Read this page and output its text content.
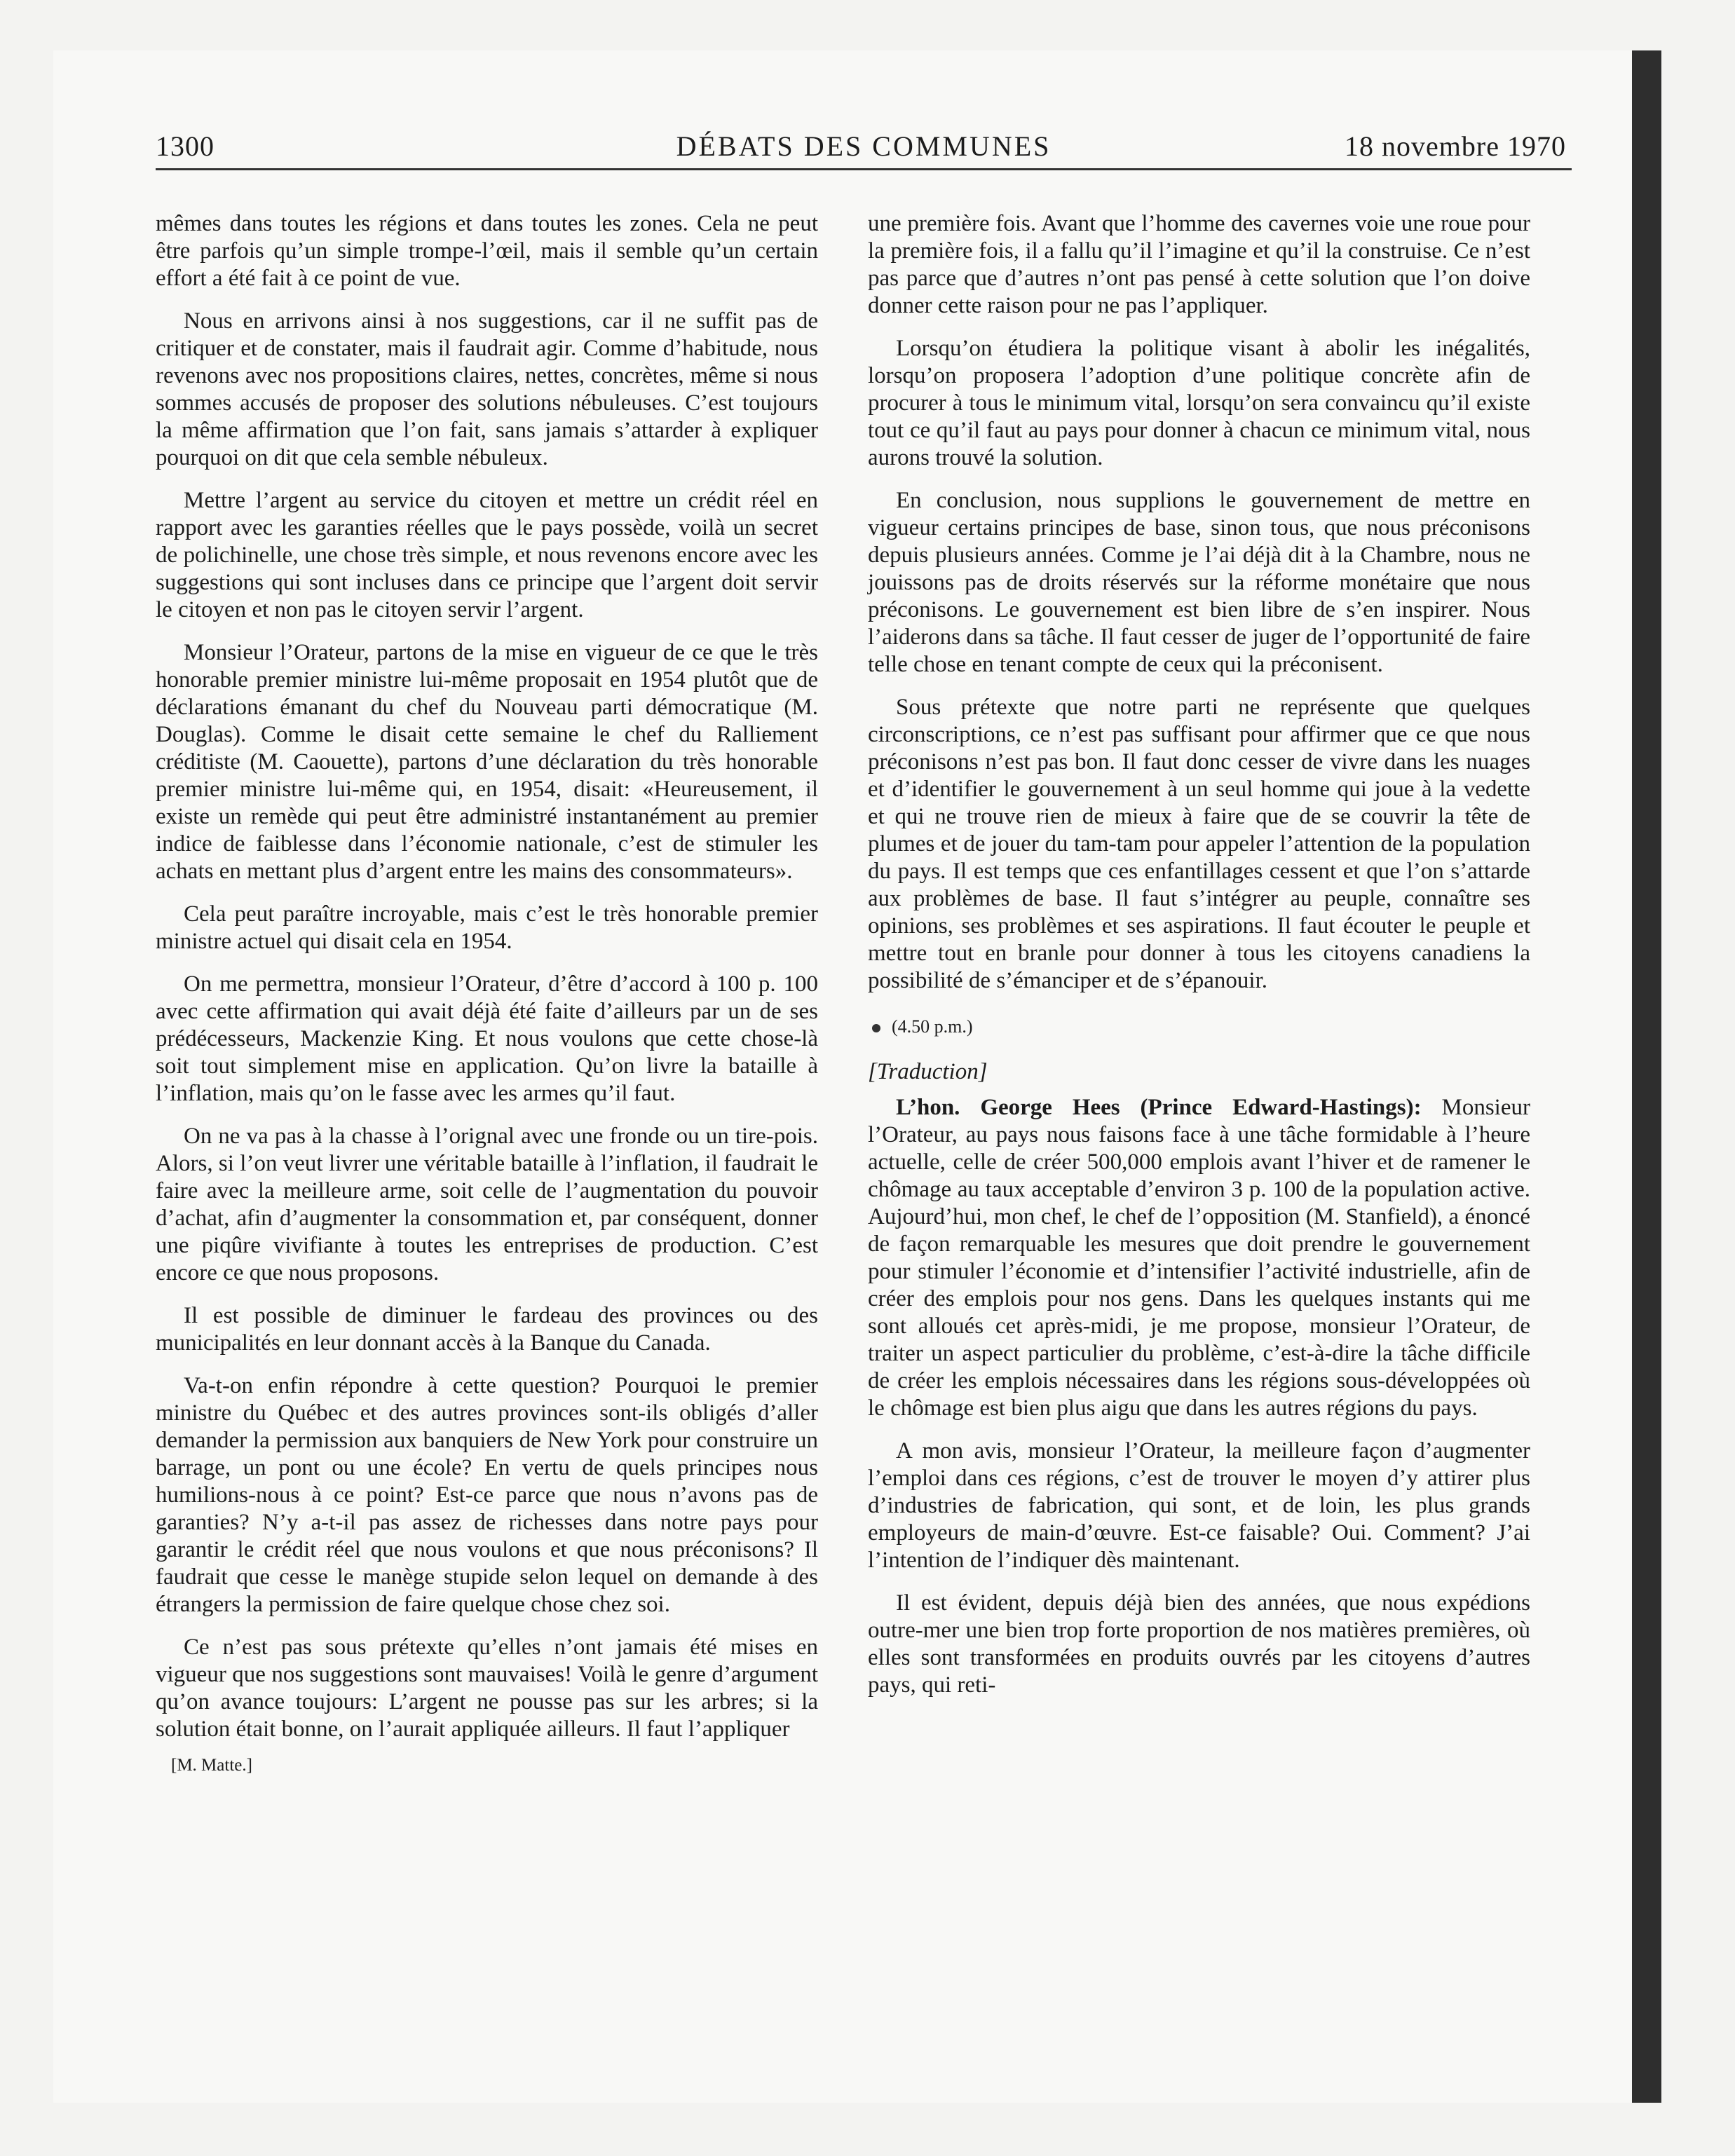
1300	DÉBATS DES COMMUNES	18 novembre 1970

mêmes dans toutes les régions et dans toutes les zones. Cela ne peut être parfois qu’un simple trompe-l’œil, mais il semble qu’un certain effort a été fait à ce point de vue.

Nous en arrivons ainsi à nos suggestions, car il ne suffit pas de critiquer et de constater, mais il faudrait agir. Comme d’habitude, nous revenons avec nos propositions claires, nettes, concrètes, même si nous sommes accusés de proposer des solutions nébuleuses. C’est toujours la même affirmation que l’on fait, sans jamais s’attarder à expliquer pourquoi on dit que cela semble nébuleux.

Mettre l’argent au service du citoyen et mettre un crédit réel en rapport avec les garanties réelles que le pays possède, voilà un secret de polichinelle, une chose très simple, et nous revenons encore avec les suggestions qui sont incluses dans ce principe que l’argent doit servir le citoyen et non pas le citoyen servir l’argent.

Monsieur l’Orateur, partons de la mise en vigueur de ce que le très honorable premier ministre lui-même proposait en 1954 plutôt que de déclarations émanant du chef du Nouveau parti démocratique (M. Douglas). Comme le disait cette semaine le chef du Ralliement créditiste (M. Caouette), partons d’une déclaration du très honorable premier ministre lui-même qui, en 1954, disait: «Heureusement, il existe un remède qui peut être administré instantanément au premier indice de faiblesse dans l’économie nationale, c’est de stimuler les achats en mettant plus d’argent entre les mains des consommateurs».

Cela peut paraître incroyable, mais c’est le très honorable premier ministre actuel qui disait cela en 1954.

On me permettra, monsieur l’Orateur, d’être d’accord à 100 p. 100 avec cette affirmation qui avait déjà été faite d’ailleurs par un de ses prédécesseurs, Mackenzie King. Et nous voulons que cette chose-là soit tout simplement mise en application. Qu’on livre la bataille à l’inflation, mais qu’on le fasse avec les armes qu’il faut.

On ne va pas à la chasse à l’orignal avec une fronde ou un tire-pois. Alors, si l’on veut livrer une véritable bataille à l’inflation, il faudrait le faire avec la meilleure arme, soit celle de l’augmentation du pouvoir d’achat, afin d’augmenter la consommation et, par conséquent, donner une piqûre vivifiante à toutes les entreprises de production. C’est encore ce que nous proposons.

Il est possible de diminuer le fardeau des provinces ou des municipalités en leur donnant accès à la Banque du Canada.

Va-t-on enfin répondre à cette question? Pourquoi le premier ministre du Québec et des autres provinces sont-ils obligés d’aller demander la permission aux banquiers de New York pour construire un barrage, un pont ou une école? En vertu de quels principes nous humilions-nous à ce point? Est-ce parce que nous n’avons pas de garanties? N’y a-t-il pas assez de richesses dans notre pays pour garantir le crédit réel que nous voulons et que nous préconisons? Il faudrait que cesse le manège stupide selon lequel on demande à des étrangers la permission de faire quelque chose chez soi.

Ce n’est pas sous prétexte qu’elles n’ont jamais été mises en vigueur que nos suggestions sont mauvaises! Voilà le genre d’argument qu’on avance toujours: L’argent ne pousse pas sur les arbres; si la solution était bonne, on l’aurait appliquée ailleurs. Il faut l’appliquer

[M. Matte.]

une première fois. Avant que l’homme des cavernes voie une roue pour la première fois, il a fallu qu’il l’imagine et qu’il la construise. Ce n’est pas parce que d’autres n’ont pas pensé à cette solution que l’on doive donner cette raison pour ne pas l’appliquer.

Lorsqu’on étudiera la politique visant à abolir les inégalités, lorsqu’on proposera l’adoption d’une politique concrète afin de procurer à tous le minimum vital, lorsqu’on sera convaincu qu’il existe tout ce qu’il faut au pays pour donner à chacun ce minimum vital, nous aurons trouvé la solution.

En conclusion, nous supplions le gouvernement de mettre en vigueur certains principes de base, sinon tous, que nous préconisons depuis plusieurs années. Comme je l’ai déjà dit à la Chambre, nous ne jouissons pas de droits réservés sur la réforme monétaire que nous préconisons. Le gouvernement est bien libre de s’en inspirer. Nous l’aiderons dans sa tâche. Il faut cesser de juger de l’opportunité de faire telle chose en tenant compte de ceux qui la préconisent.

Sous prétexte que notre parti ne représente que quelques circonscriptions, ce n’est pas suffisant pour affirmer que ce que nous préconisons n’est pas bon. Il faut donc cesser de vivre dans les nuages et d’identifier le gouvernement à un seul homme qui joue à la vedette et qui ne trouve rien de mieux à faire que de se couvrir la tête de plumes et de jouer du tam-tam pour appeler l’attention de la population du pays. Il est temps que ces enfantillages cessent et que l’on s’attarde aux problèmes de base. Il faut s’intégrer au peuple, connaître ses opinions, ses problèmes et ses aspirations. Il faut écouter le peuple et mettre tout en branle pour donner à tous les citoyens canadiens la possibilité de s’émanciper et de s’épanouir.

(4.50 p.m.)
[Traduction]

L’hon. George Hees (Prince Edward-Hastings): Monsieur l’Orateur, au pays nous faisons face à une tâche formidable à l’heure actuelle, celle de créer 500,000 emplois avant l’hiver et de ramener le chômage au taux acceptable d’environ 3 p. 100 de la population active. Aujourd’hui, mon chef, le chef de l’opposition (M. Stanfield), a énoncé de façon remarquable les mesures que doit prendre le gouvernement pour stimuler l’économie et d’intensifier l’activité industrielle, afin de créer des emplois pour nos gens. Dans les quelques instants qui me sont alloués cet après-midi, je me propose, monsieur l’Orateur, de traiter un aspect particulier du problème, c’est-à-dire la tâche difficile de créer les emplois nécessaires dans les régions sous-développées où le chômage est bien plus aigu que dans les autres régions du pays.

A mon avis, monsieur l’Orateur, la meilleure façon d’augmenter l’emploi dans ces régions, c’est de trouver le moyen d’y attirer plus d’industries de fabrication, qui sont, et de loin, les plus grands employeurs de main-d’œuvre. Est-ce faisable? Oui. Comment? J’ai l’intention de l’indiquer dès maintenant.

Il est évident, depuis déjà bien des années, que nous expédions outre-mer une bien trop forte proportion de nos matières premières, où elles sont transformées en produits ouvrés par les citoyens d’autres pays, qui reti-
